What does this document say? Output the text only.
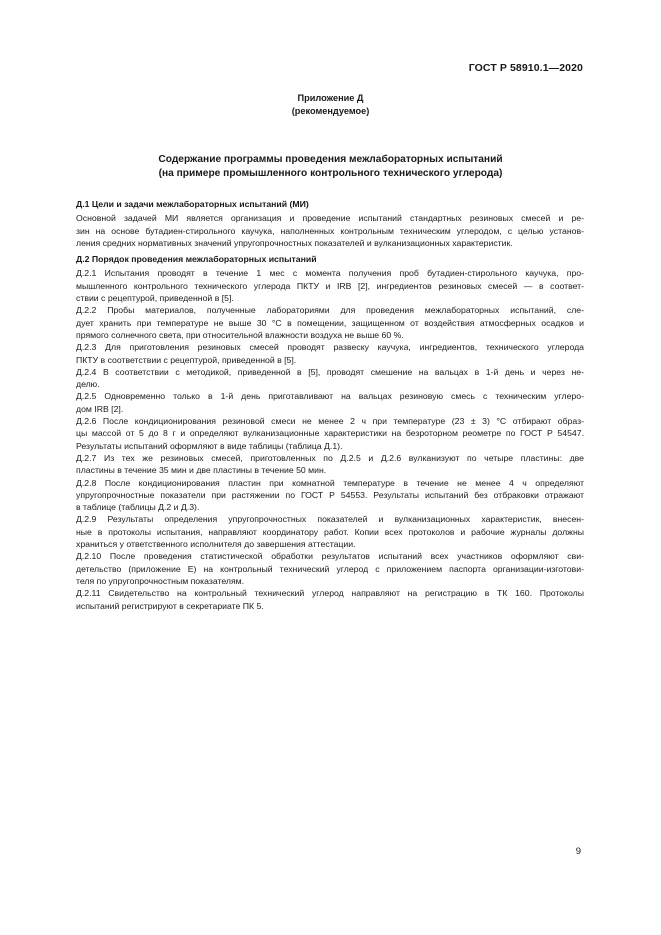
ГОСТ Р 58910.1—2020
Приложение Д
(рекомендуемое)
Содержание программы проведения межлабораторных испытаний
(на примере промышленного контрольного технического углерода)
Д.1 Цели и задачи межлабораторных испытаний (МИ)
Основной задачей МИ является организация и проведение испытаний стандартных резиновых смесей и ре-
зин на основе бутадиен-стирольного каучука, наполненных контрольным техническим углеродом, с целью установ-
ления средних нормативных значений упругопрочностных показателей и вулканизационных характеристик.
Д.2 Порядок проведения межлабораторных испытаний
Д.2.1 Испытания проводят в течение 1 мес с момента получения проб бутадиен-стирольного каучука, про-
мышленного контрольного технического углерода ПКТУ и IRB [2], ингредиентов резиновых смесей — в соответ-
ствии с рецептурой, приведенной в [5].
Д.2.2 Пробы материалов, полученные лабораториями для проведения межлабораторных испытаний, сле-
дует хранить при температуре не выше 30 °С в помещении, защищенном от воздействия атмосферных осадков и
прямого солнечного света, при относительной влажности воздуха не выше 60 %.
Д.2.3 Для приготовления резиновых смесей проводят развеску каучука, ингредиентов, технического углерода
ПКТУ в соответствии с рецептурой, приведенной в [5].
Д.2.4 В соответствии с методикой, приведенной в [5], проводят смешение на вальцах в 1-й день и через не-
делю.
Д.2.5 Одновременно только в 1-й день приготавливают на вальцах резиновую смесь с техническим углеро-
дом IRB [2].
Д.2.6 После кондиционирования резиновой смеси не менее 2 ч при температуре (23 ± 3) °С отбирают образ-
цы массой от 5 до 8 г и определяют вулканизационные характеристики на безроторном реометре по ГОСТ Р 54547.
Результаты испытаний оформляют в виде таблицы (таблица Д.1).
Д.2.7 Из тех же резиновых смесей, приготовленных по Д.2.5 и Д.2.6 вулканизуют по четыре пластины: две
пластины в течение 35 мин и две пластины в течение 50 мин.
Д.2.8 После кондиционирования пластин при комнатной температуре в течение не менее 4 ч определяют
упругопрочностные показатели при растяжении по ГОСТ Р 54553. Результаты испытаний без отбраковки отражают
в таблице (таблицы Д.2 и Д.3).
Д.2.9 Результаты определения упругопрочностных показателей и вулканизационных характеристик, внесен-
ные в протоколы испытания, направляют координатору работ. Копии всех протоколов и рабочие журналы должны
храниться у ответственного исполнителя до завершения аттестации.
Д.2.10 После проведения статистической обработки результатов испытаний всех участников оформляют сви-
детельство (приложение Е) на контрольный технический углерод с приложением паспорта организации-изготови-
теля по упругопрочностным показателям.
Д.2.11 Свидетельство на контрольный технический углерод направляют на регистрацию в ТК 160. Протоколы
испытаний регистрируют в секретариате ПК 5.
9
